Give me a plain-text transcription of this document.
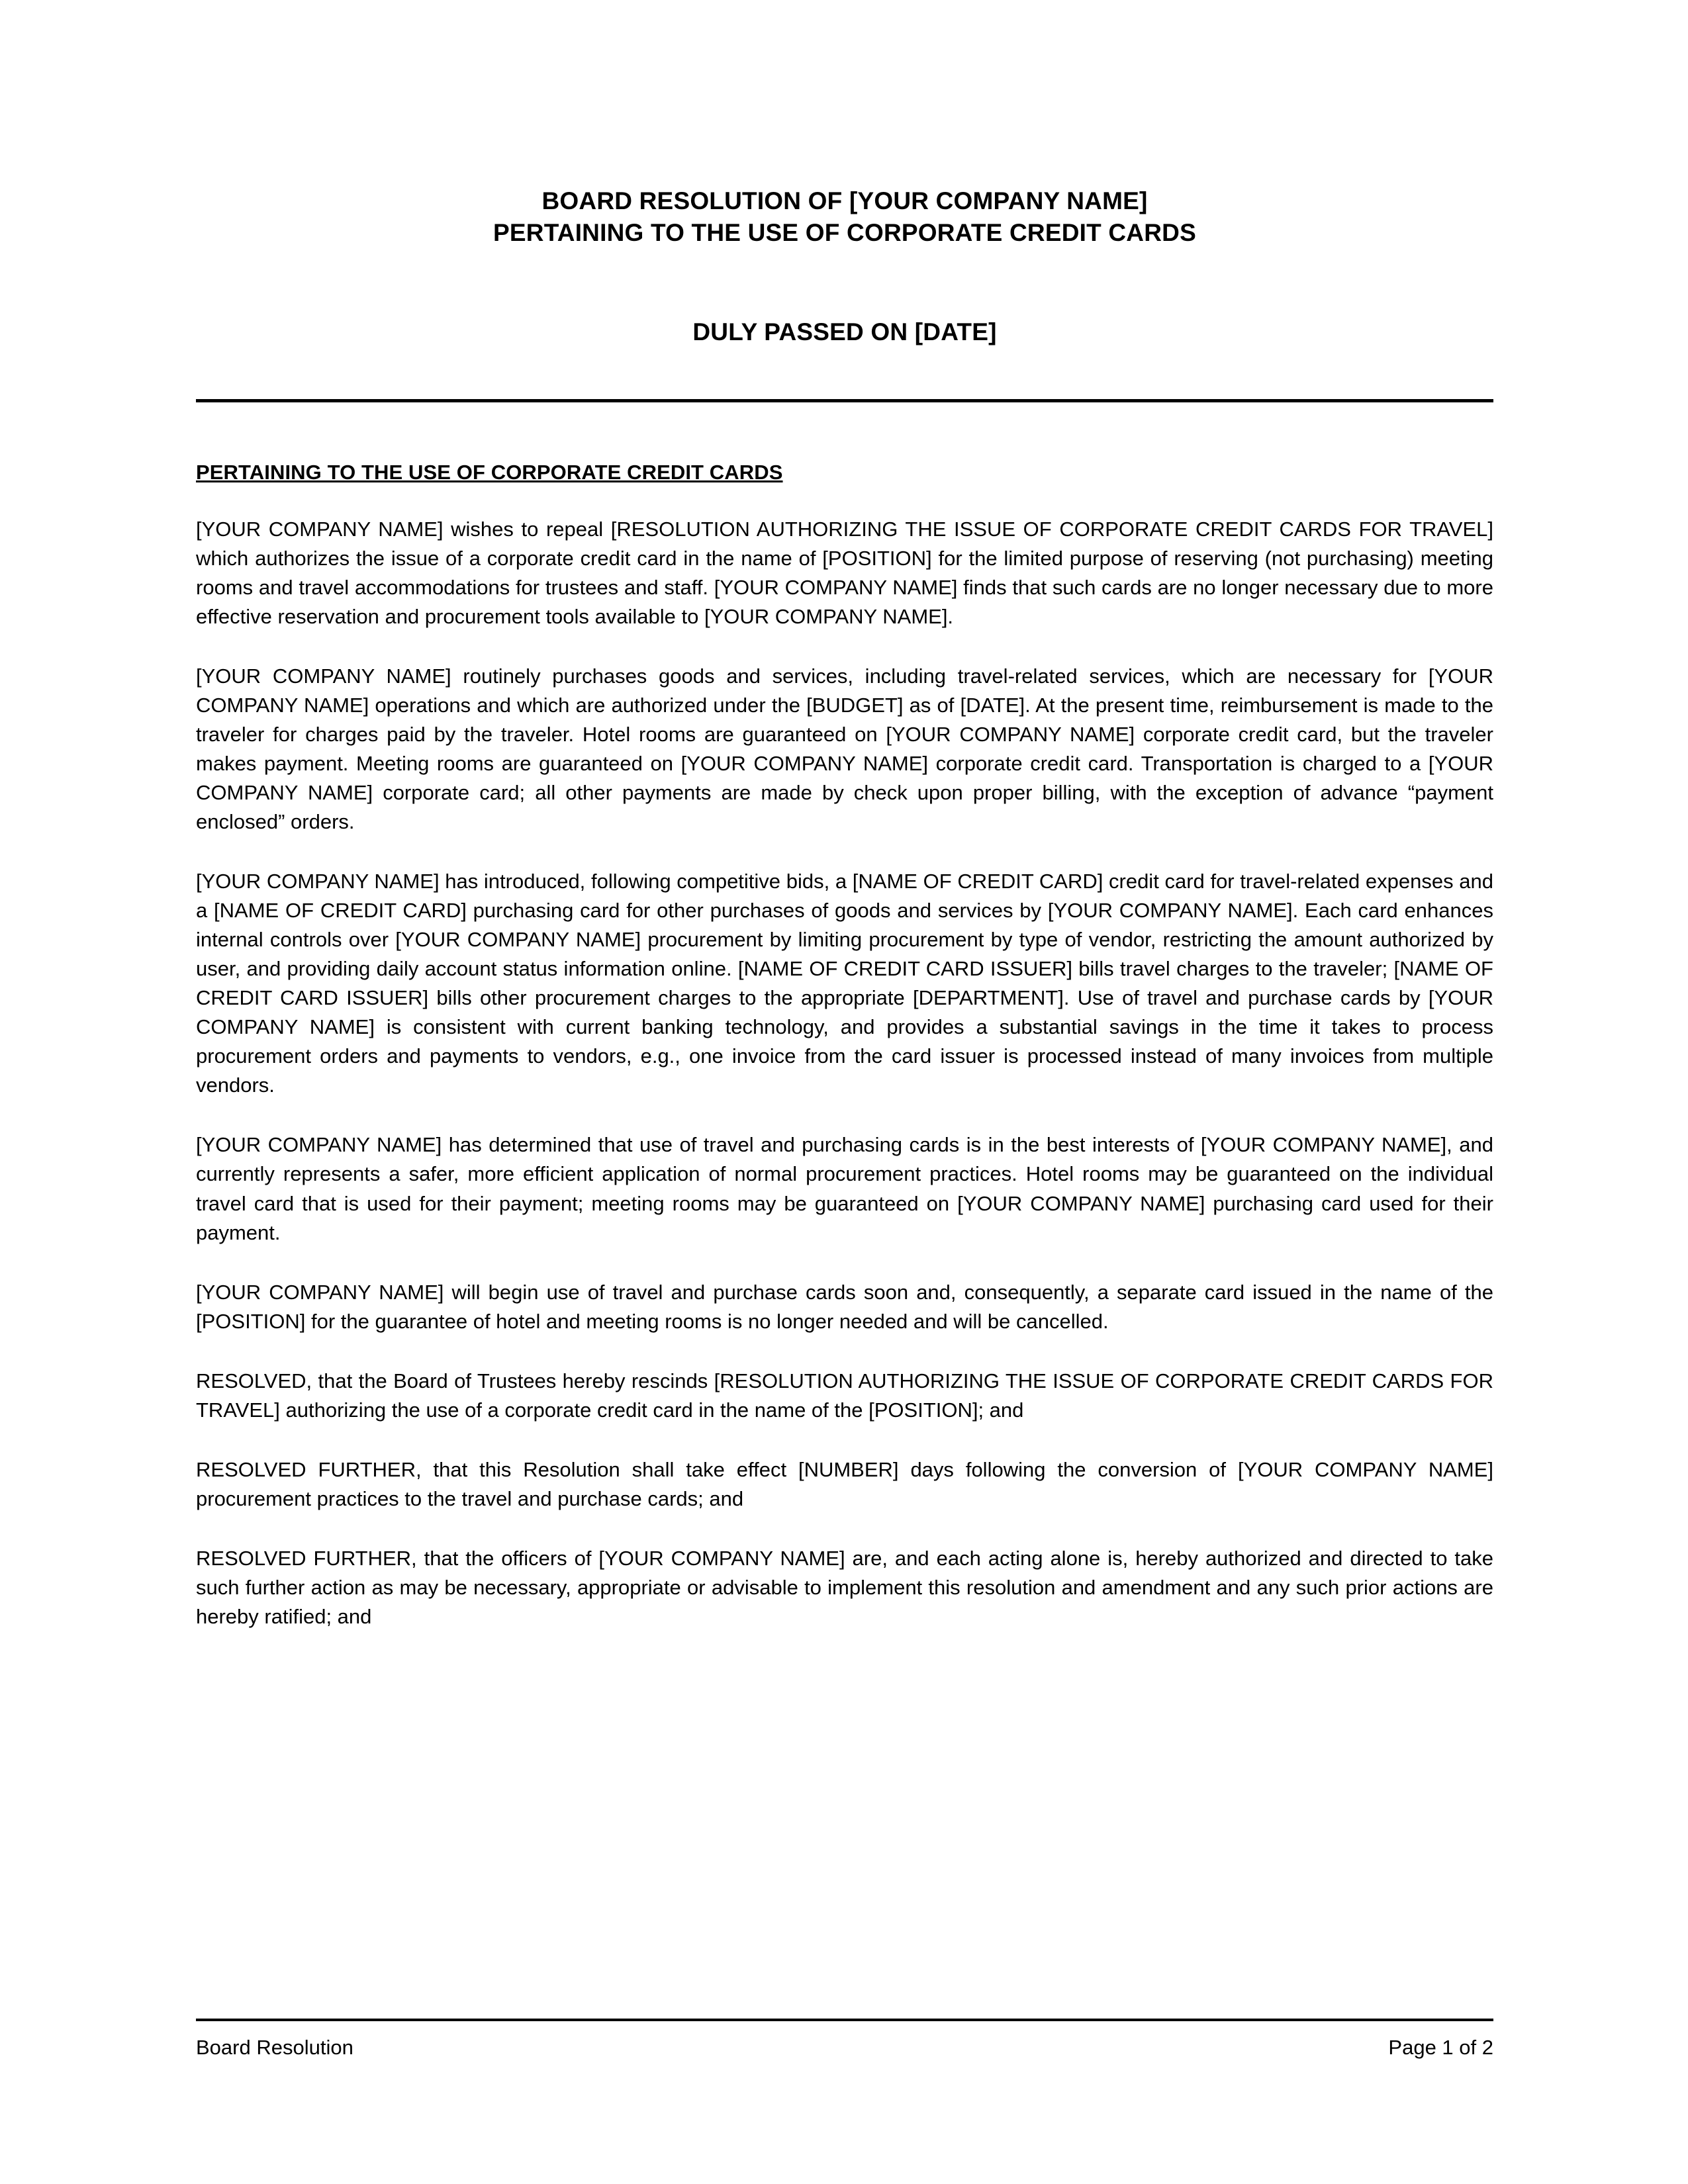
BOARD RESOLUTION OF [YOUR COMPANY NAME]
PERTAINING TO THE USE OF CORPORATE CREDIT CARDS
DULY PASSED ON [DATE]
PERTAINING TO THE USE OF CORPORATE CREDIT CARDS

[YOUR COMPANY NAME] wishes to repeal [RESOLUTION AUTHORIZING THE ISSUE OF CORPORATE CREDIT CARDS FOR TRAVEL] which authorizes the issue of a corporate credit card in the name of [POSITION] for the limited purpose of reserving (not purchasing) meeting rooms and travel accommodations for trustees and staff. [YOUR COMPANY NAME] finds that such cards are no longer necessary due to more effective reservation and procurement tools available to [YOUR COMPANY NAME].

[YOUR COMPANY NAME] routinely purchases goods and services, including travel-related services, which are necessary for [YOUR COMPANY NAME] operations and which are authorized under the [BUDGET] as of [DATE]. At the present time, reimbursement is made to the traveler for charges paid by the traveler. Hotel rooms are guaranteed on [YOUR COMPANY NAME] corporate credit card, but the traveler makes payment. Meeting rooms are guaranteed on [YOUR COMPANY NAME] corporate credit card. Transportation is charged to a [YOUR COMPANY NAME] corporate card; all other payments are made by check upon proper billing, with the exception of advance “payment enclosed” orders.

[YOUR COMPANY NAME] has introduced, following competitive bids, a [NAME OF CREDIT CARD] credit card for travel-related expenses and a [NAME OF CREDIT CARD] purchasing card for other purchases of goods and services by [YOUR COMPANY NAME]. Each card enhances internal controls over [YOUR COMPANY NAME] procurement by limiting procurement by type of vendor, restricting the amount authorized by user, and providing daily account status information online. [NAME OF CREDIT CARD ISSUER] bills travel charges to the traveler; [NAME OF CREDIT CARD ISSUER] bills other procurement charges to the appropriate [DEPARTMENT]. Use of travel and purchase cards by [YOUR COMPANY NAME] is consistent with current banking technology, and provides a substantial savings in the time it takes to process procurement orders and payments to vendors, e.g., one invoice from the card issuer is processed instead of many invoices from multiple vendors.

[YOUR COMPANY NAME] has determined that use of travel and purchasing cards is in the best interests of [YOUR COMPANY NAME], and currently represents a safer, more efficient application of normal procurement practices. Hotel rooms may be guaranteed on the individual travel card that is used for their payment; meeting rooms may be guaranteed on [YOUR COMPANY NAME] purchasing card used for their payment.

[YOUR COMPANY NAME] will begin use of travel and purchase cards soon and, consequently, a separate card issued in the name of the [POSITION] for the guarantee of hotel and meeting rooms is no longer needed and will be cancelled.

RESOLVED, that the Board of Trustees hereby rescinds [RESOLUTION AUTHORIZING THE ISSUE OF CORPORATE CREDIT CARDS FOR TRAVEL] authorizing the use of a corporate credit card in the name of the [POSITION]; and

RESOLVED FURTHER, that this Resolution shall take effect [NUMBER] days following the conversion of [YOUR COMPANY NAME] procurement practices to the travel and purchase cards; and

RESOLVED FURTHER, that the officers of [YOUR COMPANY NAME] are, and each acting alone is, hereby authorized and directed to take such further action as may be necessary, appropriate or advisable to implement this resolution and amendment and any such prior actions are hereby ratified; and

Board Resolution	Page 1 of 2
